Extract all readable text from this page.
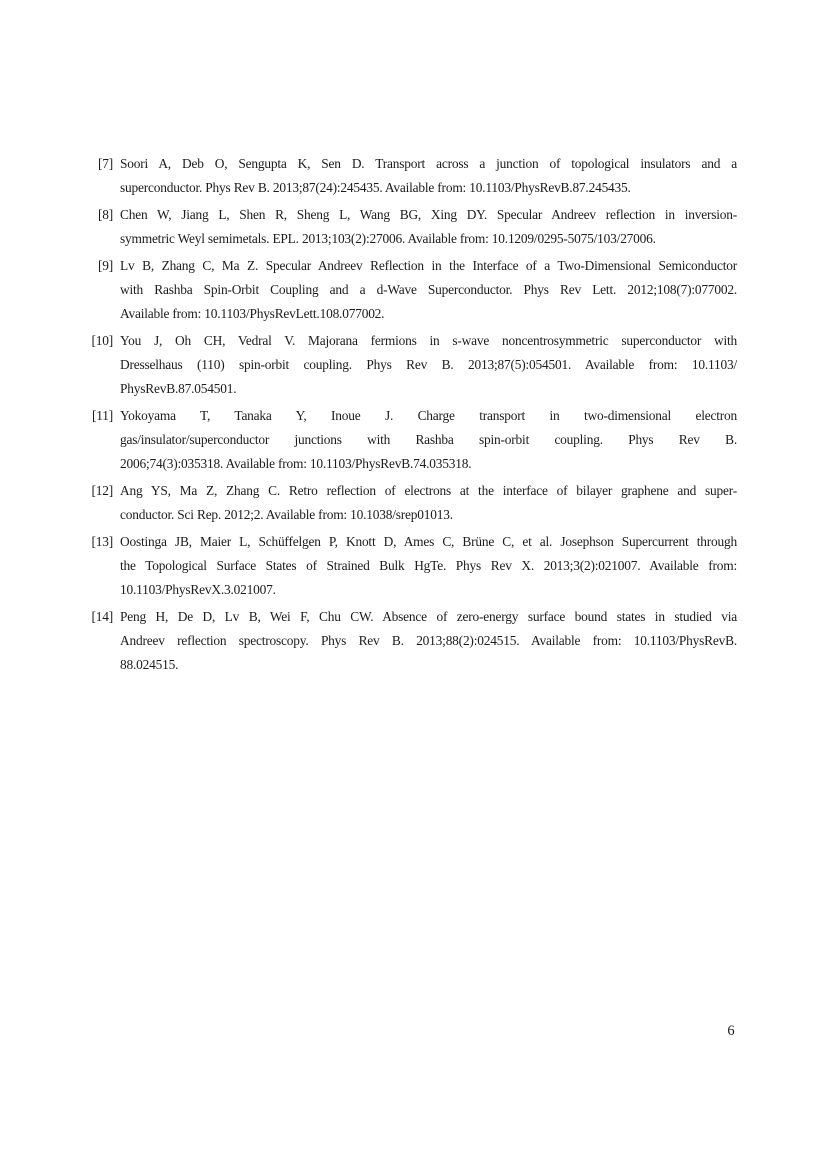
[7] Soori A, Deb O, Sengupta K, Sen D. Transport across a junction of topological insulators and a
superconductor. Phys Rev B. 2013;87(24):245435. Available from: 10.1103/PhysRevB.87.245435.
[8] Chen W, Jiang L, Shen R, Sheng L, Wang BG, Xing DY. Specular Andreev reflection in inversion-
symmetric Weyl semimetals. EPL. 2013;103(2):27006. Available from: 10.1209/0295-5075/103/27006.
[9] Lv B, Zhang C, Ma Z. Specular Andreev Reflection in the Interface of a Two-Dimensional Semiconductor
with Rashba Spin-Orbit Coupling and a d-Wave Superconductor. Phys Rev Lett. 2012;108(7):077002.
Available from: 10.1103/PhysRevLett.108.077002.
[10] You J, Oh CH, Vedral V. Majorana fermions in s-wave noncentrosymmetric superconductor with
Dresselhaus (110) spin-orbit coupling. Phys Rev B. 2013;87(5):054501. Available from: 10.1103/
PhysRevB.87.054501.
[11] Yokoyama T, Tanaka Y, Inoue J. Charge transport in two-dimensional electron
gas/insulator/superconductor junctions with Rashba spin-orbit coupling. Phys Rev B.
2006;74(3):035318. Available from: 10.1103/PhysRevB.74.035318.
[12] Ang YS, Ma Z, Zhang C. Retro reflection of electrons at the interface of bilayer graphene and super-
conductor. Sci Rep. 2012;2. Available from: 10.1038/srep01013.
[13] Oostinga JB, Maier L, Schüffelgen P, Knott D, Ames C, Brüne C, et al. Josephson Supercurrent through
the Topological Surface States of Strained Bulk HgTe. Phys Rev X. 2013;3(2):021007. Available from:
10.1103/PhysRevX.3.021007.
[14] Peng H, De D, Lv B, Wei F, Chu CW. Absence of zero-energy surface bound states in studied via
Andreev reflection spectroscopy. Phys Rev B. 2013;88(2):024515. Available from: 10.1103/PhysRevB.
88.024515.
6
